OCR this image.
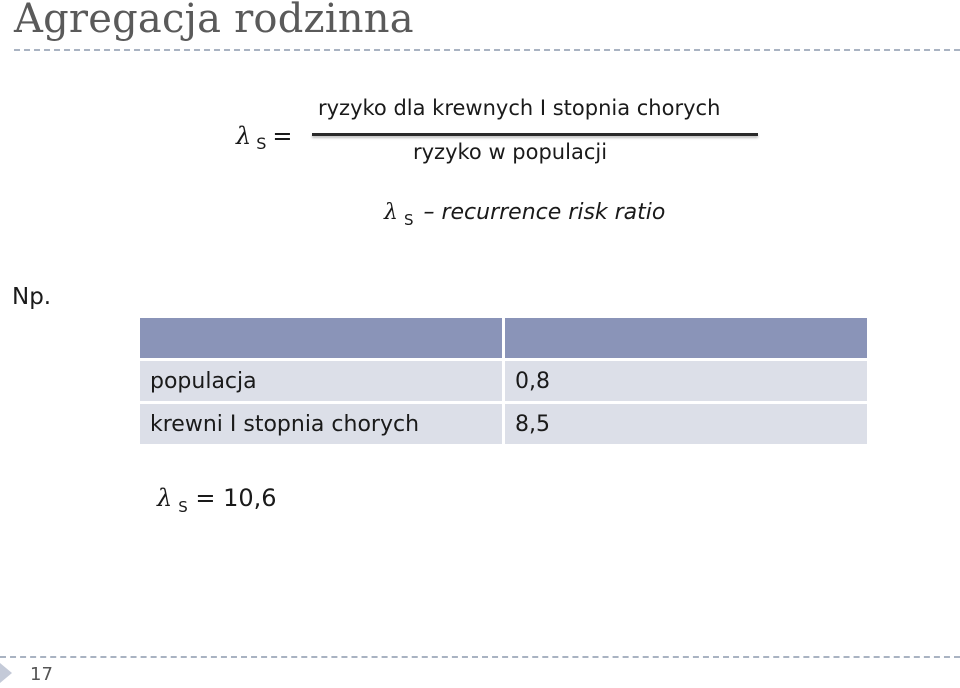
Agregacja rodzinna
λ $_S$ =
ryzyko dla krewnych I stopnia chorych
ryzyko w populacji
λ $_S$ – recurrence risk ratio
Np.

populacja	0,8
krewni I stopnia chorych	8,5
λ $_S$ = 10,6
17
